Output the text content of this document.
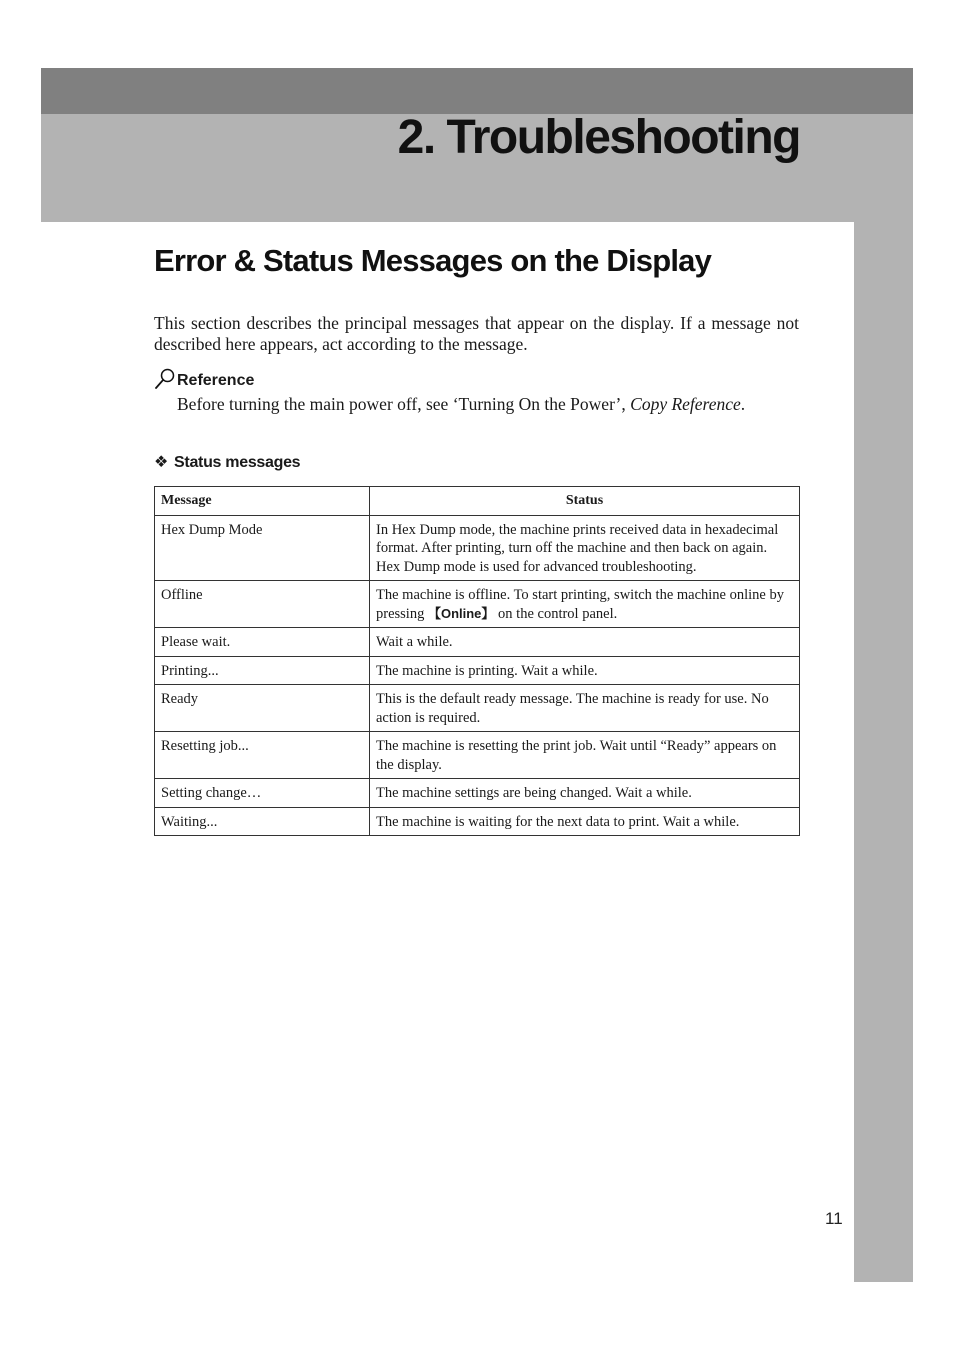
2. Troubleshooting
Error & Status Messages on the Display

This section describes the principal messages that appear on the display. If a message not described here appears, act according to the message.

Reference

Before turning the main power off, see ‘Turning On the Power’, Copy Reference.

❖ Status messages
Message	Status
Hex Dump Mode	In Hex Dump mode, the machine prints received data in hexadecimal format. After printing, turn off the machine and then back on again. Hex Dump mode is used for advanced troubleshooting.
Offline	The machine is offline. To start printing, switch the machine online by pressing 【Online】 on the control panel.
Please wait.	Wait a while.
Printing...	The machine is printing. Wait a while.
Ready	This is the default ready message. The machine is ready for use. No action is required.
Resetting job...	The machine is resetting the print job. Wait until “Ready” appears on the display.
Setting change…	The machine settings are being changed. Wait a while.
Waiting...	The machine is waiting for the next data to print. Wait a while.
11
